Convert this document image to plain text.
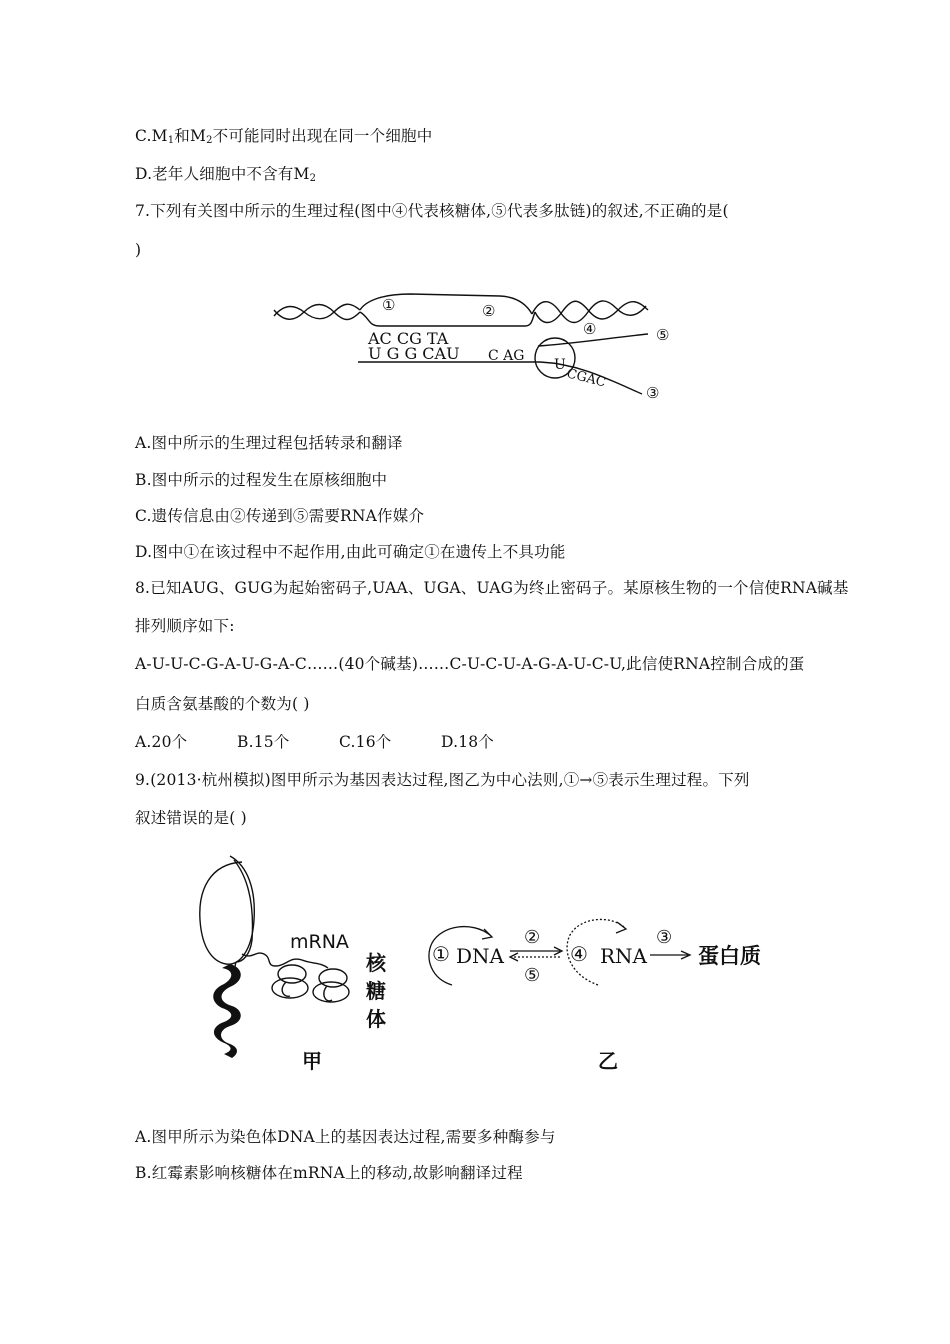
$C.M_1$和$M_2$不可能同时出现在同一个细胞中
D.老年人细胞中不含有$M_2$
7.下列有关图中所示的生理过程(图中④代表核糖体,⑤代表多肽链)的叙述,不正确的是(
)
①	②
④	⑤
③
AC CG TA
U G G CAU C AG
U
CGAC
A.图中所示的生理过程包括转录和翻译
B.图中所示的过程发生在原核细胞中
C.遗传信息由②传递到⑤需要RNA作媒介
D.图中①在该过程中不起作用,由此可确定①在遗传上不具功能
8.已知AUG、GUG为起始密码子,UAA、UGA、UAG为终止密码子。某原核生物的一个信使RNA碱基
排列顺序如下:
A-U-U-C-G-A-U-G-A-C……(40个碱基)……C-U-C-U-A-G-A-U-C-U,此信使RNA控制合成的蛋
白质含氨基酸的个数为( )
A.20个	B.15个	C.16个	D.18个
9.(2013·杭州模拟)图甲所示为基因表达过程,图乙为中心法则,①→⑤表示生理过程。下列
叙述错误的是( )
mRNA
核
糖
体
甲
① DNA
②
⑤
④ RNA
③
蛋白质
乙
A.图甲所示为染色体DNA上的基因表达过程,需要多种酶参与
B.红霉素影响核糖体在mRNA上的移动,故影响翻译过程
